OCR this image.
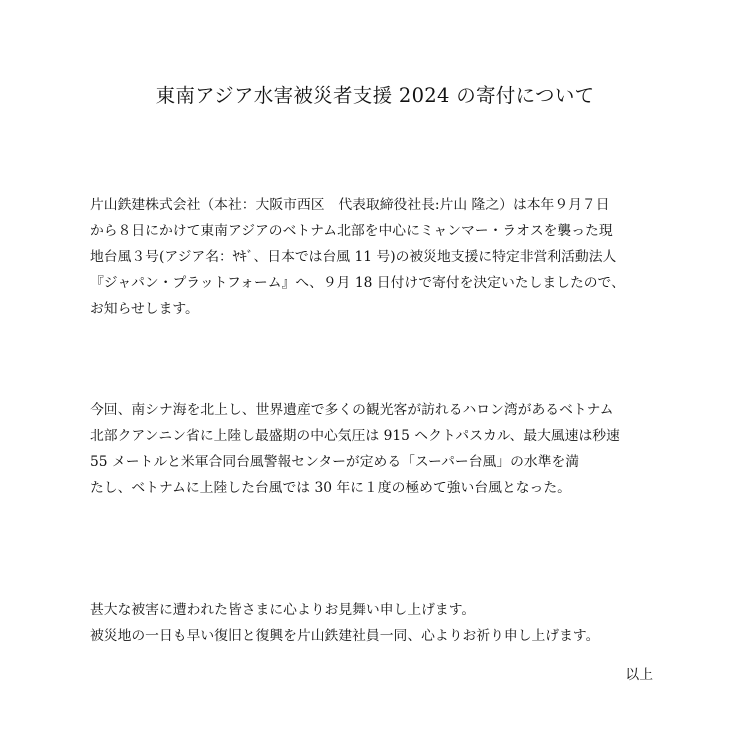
東南アジア水害被災者支援 2024 の寄付について
片山鉄建株式会社（本社：大阪市西区　代表取締役社長:片山 隆之）は本年９月７日
から８日にかけて東南アジアのベトナム北部を中心にミャンマー・ラオスを襲った現
地台風３号(アジア名：ﾔｷﾞ、日本では台風 11 号)の被災地支援に特定非営利活動法人
『ジャパン・プラットフォーム』へ、９月 18 日付けで寄付を決定いたしましたので、
お知らせします。
今回、南シナ海を北上し、世界遺産で多くの観光客が訪れるハロン湾があるベトナム
北部クアンニン省に上陸し最盛期の中心気圧は 915 ヘクトパスカル、最大風速は秒速
55 メートルと米軍合同台風警報センターが定める「スーパー台風」の水準を満
たし、ベトナムに上陸した台風では 30 年に１度の極めて強い台風となった。
甚大な被害に遭われた皆さまに心よりお見舞い申し上げます。
被災地の一日も早い復旧と復興を片山鉄建社員一同、心よりお祈り申し上げます。
以上
